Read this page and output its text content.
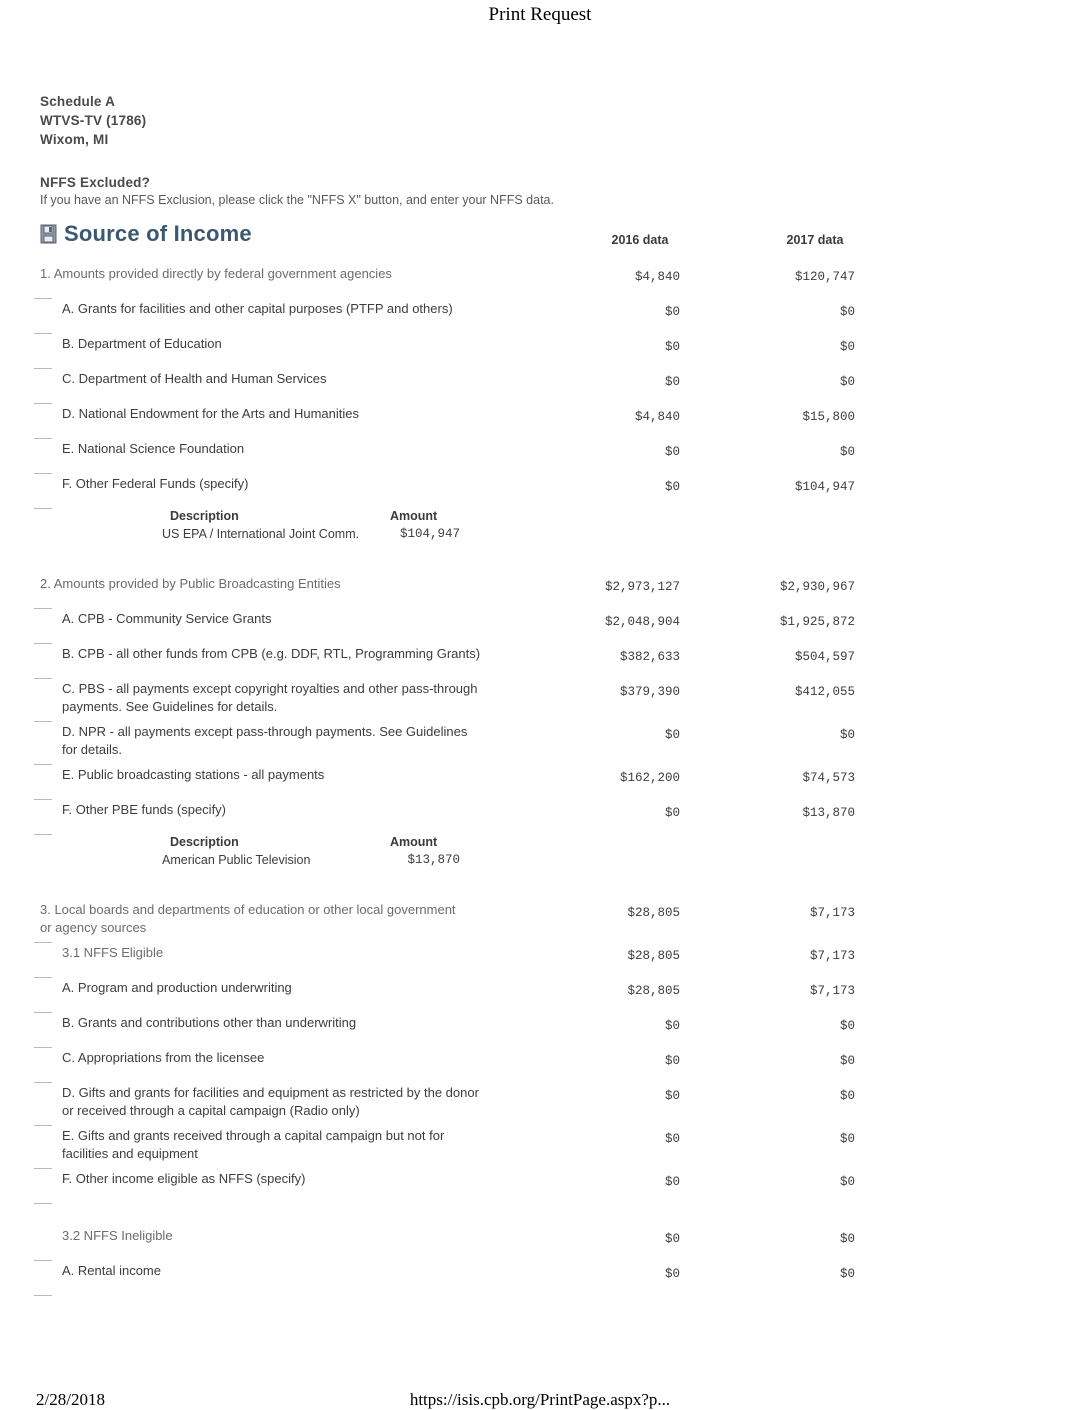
Print Request
Schedule A
WTVS-TV (1786)
Wixom, MI
NFFS Excluded?
If you have an NFFS Exclusion, please click the "NFFS X" button, and enter your NFFS data.
Source of Income	2016 data	2017 data
1. Amounts provided directly by federal government agencies	$4,840	$120,747
A. Grants for facilities and other capital purposes (PTFP and others)	$0	$0
B. Department of Education	$0	$0
C. Department of Health and Human Services	$0	$0
D. National Endowment for the Arts and Humanities	$4,840	$15,800
E. National Science Foundation	$0	$0
F. Other Federal Funds (specify)	$0	$104,947
Description	Amount
US EPA / International Joint Comm.	$104,947
2. Amounts provided by Public Broadcasting Entities	$2,973,127	$2,930,967
A. CPB - Community Service Grants	$2,048,904	$1,925,872
B. CPB - all other funds from CPB (e.g. DDF, RTL, Programming Grants)	$382,633	$504,597
C. PBS - all payments except copyright royalties and other pass-through payments. See Guidelines for details.
$379,390	$412,055
D. NPR - all payments except pass-through payments. See Guidelines for details.
$0	$0
E. Public broadcasting stations - all payments	$162,200	$74,573
F. Other PBE funds (specify)	$0	$13,870
Description	Amount
American Public Television	$13,870
3. Local boards and departments of education or other local government or agency sources
$28,805	$7,173
3.1 NFFS Eligible	$28,805	$7,173
A. Program and production underwriting	$28,805	$7,173
B. Grants and contributions other than underwriting	$0	$0
C. Appropriations from the licensee	$0	$0
D. Gifts and grants for facilities and equipment as restricted by the donor or received through a capital campaign (Radio only)
$0	$0
E. Gifts and grants received through a capital campaign but not for facilities and equipment
$0	$0
F. Other income eligible as NFFS (specify)	$0	$0
3.2 NFFS Ineligible	$0	$0
A. Rental income	$0	$0
2/28/2018	https://isis.cpb.org/PrintPage.aspx?p...
